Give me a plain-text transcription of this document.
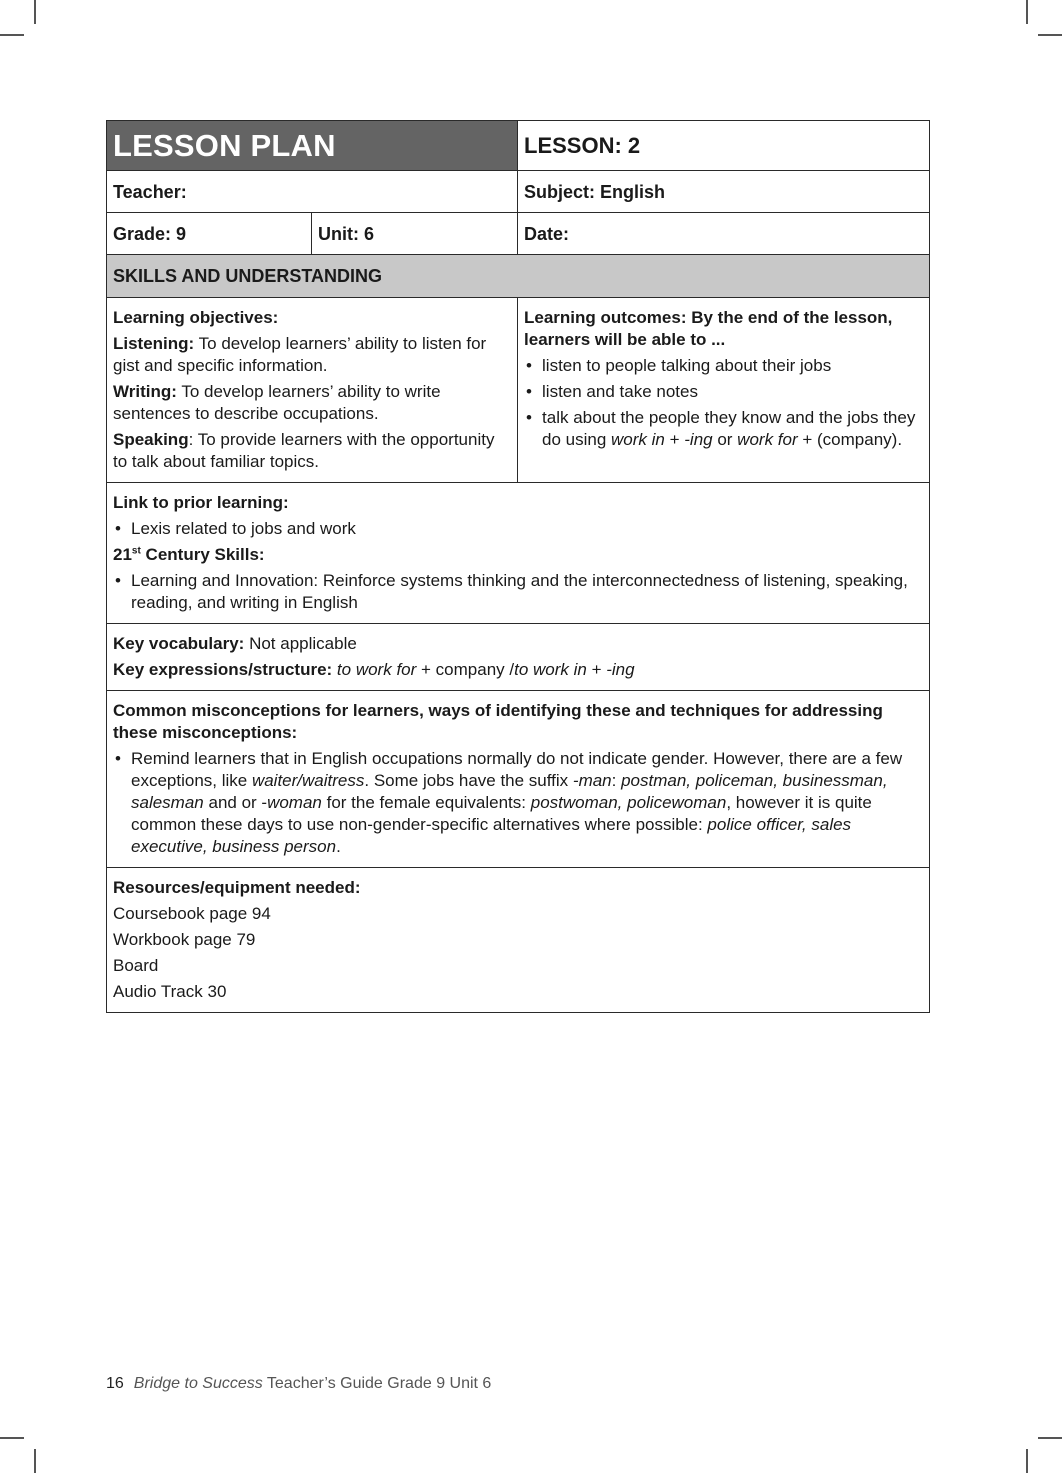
LESSON PLAN		LESSON: 2
Teacher:		Subject: English
Grade: 9	Unit: 6	Date:
SKILLS AND UNDERSTANDING		

Learning objectives:

Listening: To develop learners’ ability to listen for gist and specific information.

Writing: To develop learners’ ability to write sentences to describe occupations.

Speaking: To provide learners with the opportunity to talk about familiar topics.

Learning outcomes: By the end of the lesson, learners will be able to ...

• listen to people talking about their jobs
• listen and take notes
• talk about the people they know and the jobs they do using work in + -ing or work for + (company).

Link to prior learning:

• Lexis related to jobs and work

21st Century Skills:

• Learning and Innovation: Reinforce systems thinking and the interconnectedness of listening, speaking, reading, and writing in English

Key vocabulary: Not applicable

Key expressions/structure: to work for + company /to work in + -ing		

Common misconceptions for learners, ways of identifying these and techniques for addressing these misconceptions:

• Remind learners that in English occupations normally do not indicate gender. However, there are a few exceptions, like waiter/waitress. Some jobs have the suffix -man: postman, policeman, businessman, salesman and or -woman for the female equivalents: postwoman, policewoman, however it is quite common these days to use non-gender-specific alternatives where possible: police officer, sales executive, business person.

Resources/equipment needed:

Coursebook page 94

Workbook page 79

Board

Audio Track 30		

16 Bridge to Success Teacher’s Guide Grade 9 Unit 6
